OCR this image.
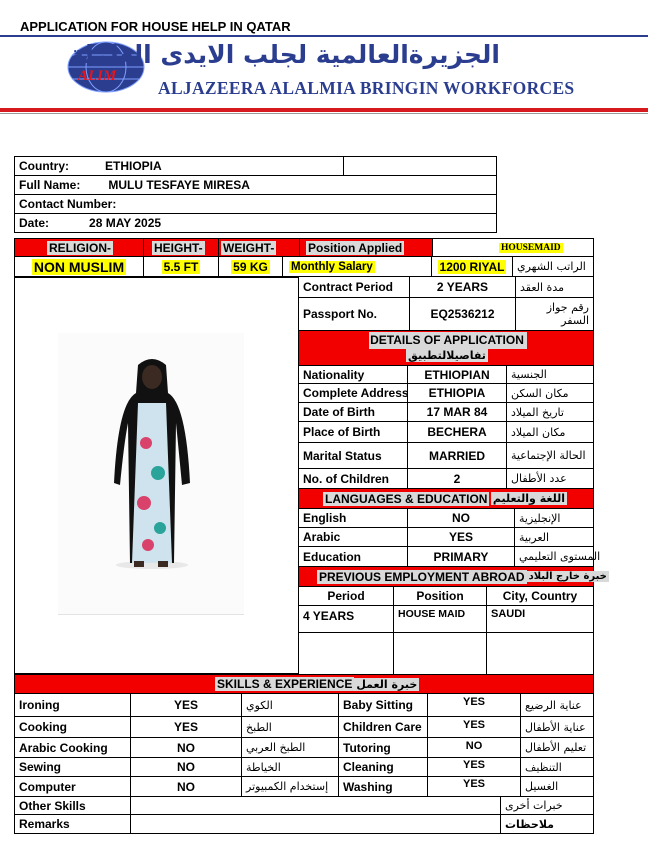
APPLICATION FOR HOUSE HELP IN QATAR
ALIM
الجزيرةالعالمية لجلب الايدى العاملة
ALJAZEERA ALALMIA BRINGIN WORKFORCES
Country:	ETHIOPIA
Full Name: MULU TESFAYE MIRESA
Contact Number:
Date:	28 MAY 2025
RELIGION-	HEIGHT- WEIGHT-	Position Applied	HOUSEMAID
NON MUSLIM	5.5 FT	59 KG Monthly Salary	1200 RIYAL	الراتب الشهري
Contract Period	2 YEARS	مدة العقد
Passport No.	EQ2536212	رقم جواز السفر
DETAILS OF APPLICATION
تفاصيلالتطبيق
Nationality	ETHIOPIAN	الجنسية
Complete Address	ETHIOPIA	مكان السكن
Date of Birth	17 MAR 84	تاريخ الميلاد
Place of Birth	BECHERA	مكان الميلاد
Marital Status	MARRIED	الحالة الإجتماعية
No. of Children	2	عدد الأطفال
LANGUAGES & EDUCATION اللغة والتعليم
English	NO	الإنجليزية
Arabic	YES	العربية
Education	PRIMARY	المستوى التعليمي
PREVIOUS EMPLOYMENT ABROAD خبرة خارج البلاد
Period	Position	City, Country
4 YEARS	HOUSE MAID	SAUDI
SKILLS & EXPERIENCE خبرة العمل
Ironing	YES	الكوي	Baby Sitting	YES	عناية الرضيع
Cooking	YES	الطبخ	Children Care	YES	عناية الأطفال
Arabic Cooking	NO	الطبخ العربي	Tutoring	NO	تعليم الأطفال
Sewing	NO	الخياطة	Cleaning	YES	التنظيف
Computer	NO	إستخدام الكمبيوتر	Washing	YES	الغسيل
Other Skills	خبرات أخرى
Remarks	ملاحظات
